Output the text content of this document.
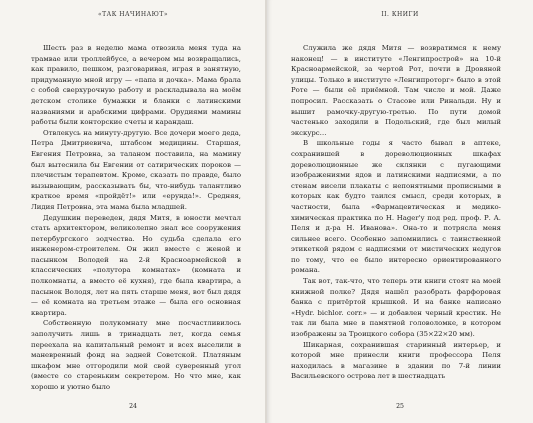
«ТАК НАЧИНАЮТ»

Шесть раз в неделю мама отвозила меня туда на трамвае или троллейбусе, а вечером мы возвращались, как правило, пешком, разговаривая, играя в занятную, придуманную мной игру — «папа и дочка». Мама брала с собой сверхурочную работу и раскладывала на моём детском столике бумажки и бланки с латинскими названиями и арабскими цифрами. Орудиями мамины работы были конторские счеты и карандаш.

Отвлекусь на минуту-другую. Все дочери моего деда, Петра Дмитриевича, штабсом медицины. Старшая, Евгения Петровна, за таланом поставила, на мамину был вытеснила бы Евгении от сатирических пороков — плечистым терапевтом. Кроме, сказать по правде, было вызывающим, рассказывать бы, что-нибудь талантливо краткое время «пройдёт!» или «ерунда!». Средняя, Лидия Петровна, эта мама была младшей.

Дедушкин переведен, дядя Митя, в юности мечтал стать архитектором, великолепно знал все сооружения петербургского зодчества. Но судьба сделала его инженером-строителем. Он жил вместе с женой и пасынком Володей на 2-й Красноармейской в классических «полутора комнатах» (комната и полкомнаты, а вместо её кухня), где была квартира, а пасынок Володя, лет на пять старше меня, вот был дядя — её комната на третьем этаже — была его основная квартира.

Собственную полукомнату мне посчастливилось заполучить лишь в тринадцать лет, когда семья переехала на капитальный ремонт и всех выселили в маневренный фонд на задней Советской. Платяным шкафом мне отгородили мой свой суверенный угол (вместе со стареньким секретером. Но что мне, как хорошо и уютно было

24
II. КНИГИ

Служила же дядя Митя — возвратимся к нему наконец! — в институте «Ленгипрострой» на 10-й Красноармейской, за чертой Рот, почти в Дровяной улицы. Только в институте «Ленгипроторг» было в этой Роте — были её приёмной. Там числе и мой. Даже попросил. Рассказать о Стасове или Ринальди. Ну и вышит рамочку-другую-третью. По пути домой частенько заходили в Подольский, где был милый экскурс…

В школьные годы я часто бывал в аптеке, сохранившей в дореволюционных шкафах дореволюционные же склянки с пугающими изображениями ядов и латинскими надписями, а по стенам висели плакаты с непонятными прописными в которых как будто таился смысл, среди которых, в частности, была «Фармацевтическая и медико-химическая практика по Н. Hager'y под ред. проф. Р. А. Пеля и д-ра Н. Иванова». Она-то и потрясла меня сильнее всего. Особенно запомнились с таинственной этикеткой рядом с надписями от мистических недугов по тому, что ее было интересно ориентированного романа.

Так вот, так-что, что теперь эти книги стоят на моей книжной полке? Дядя нашёл разобрать фарфоровая банка с притёртой крышкой. И на банке написано «Hydr. bichlor. corr.» — и добавлен черный крестик. Не так ли была мне в памятной головоломке, в котором изображены за Троицкого собора (35×22×20 мм).

Шикарная, сохранившая старинный интерьер, и которой мне принесли книги профессора Пеля находилась в магазине в здании по 7-й линии Васильевского острова лет в шестнадцать

25
